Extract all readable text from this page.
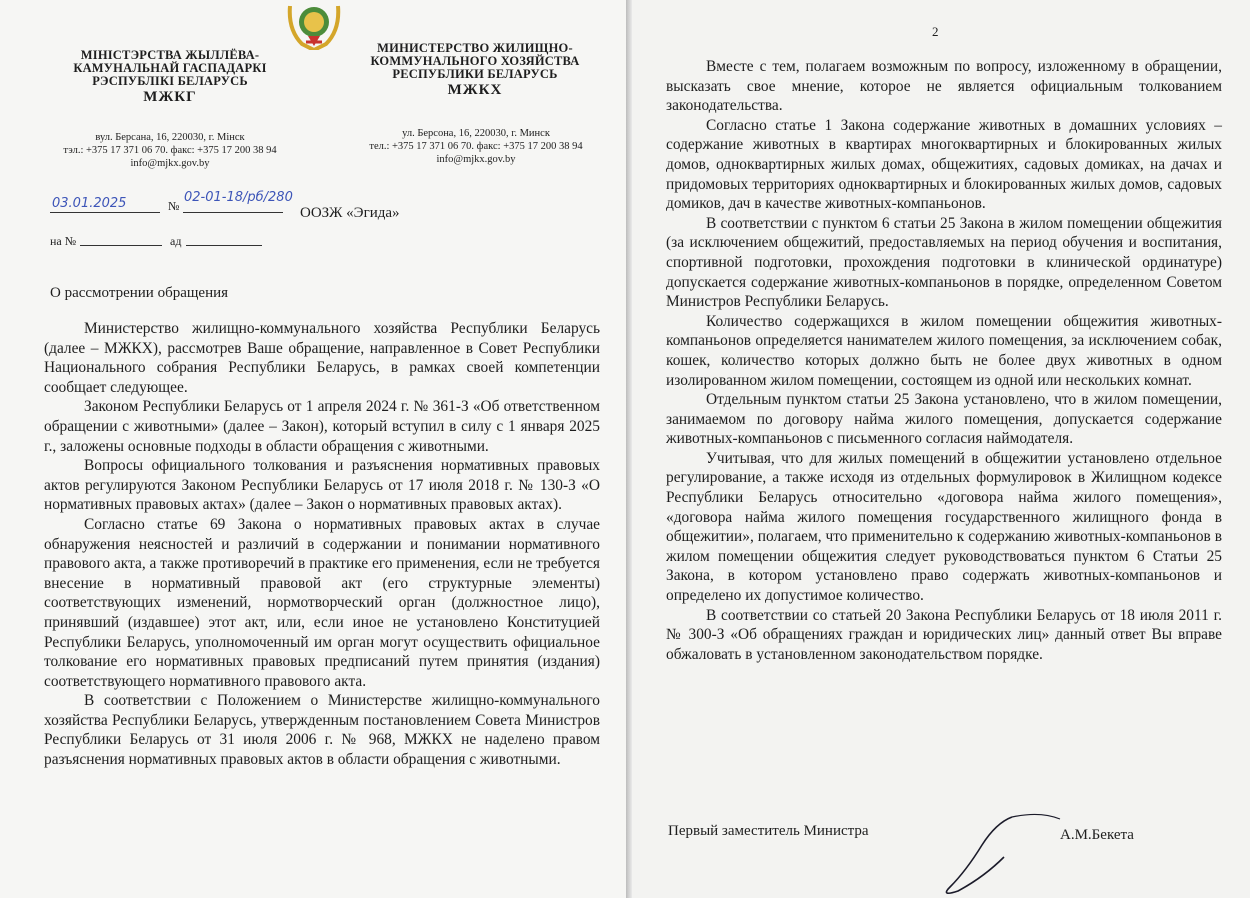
МІНІСТЭРСТВА ЖЫЛЛЁВА-КАМУНАЛЬНАЙ ГАСПАДАРКІ РЭСПУБЛІКІ БЕЛАРУСЬ
МЖКГ
вул. Берсана, 16, 220030, г. Мінск
тэл.: +375 17 371 06 70. факс: +375 17 200 38 94
info@mjkx.gov.by
МИНИСТЕРСТВО ЖИЛИЩНО-КОММУНАЛЬНОГО ХОЗЯЙСТВА РЕСПУБЛИКИ БЕЛАРУСЬ
МЖКХ
ул. Берсона, 16, 220030, г. Минск
тел.: +375 17 371 06 70. факс: +375 17 200 38 94
info@mjkx.gov.by
03.01.2025	№
02-01-18/рб/280
ООЗЖ «Эгида»
на №	ад
О рассмотрении обращения

Министерство жилищно-коммунального хозяйства Республики Беларусь (далее – МЖКХ), рассмотрев Ваше обращение, направленное в Совет Республики Национального собрания Республики Беларусь, в рамках своей компетенции сообщает следующее.

Законом Республики Беларусь от 1 апреля 2024 г. № 361-З «Об ответственном обращении с животными» (далее – Закон), который вступил в силу с 1 января 2025 г., заложены основные подходы в области обращения с животными.

Вопросы официального толкования и разъяснения нормативных правовых актов регулируются Законом Республики Беларусь от 17 июля 2018 г. № 130-З «О нормативных правовых актах» (далее – Закон о нормативных правовых актах).

Согласно статье 69 Закона о нормативных правовых актах в случае обнаружения неясностей и различий в содержании и понимании нормативного правового акта, а также противоречий в практике его применения, если не требуется внесение в нормативный правовой акт (его структурные элементы) соответствующих изменений, нормотворческий орган (должностное лицо), принявший (издавшее) этот акт, или, если иное не установлено Конституцией Республики Беларусь, уполномоченный им орган могут осуществить официальное толкование его нормативных правовых предписаний путем принятия (издания) соответствующего нормативного правового акта.

В соответствии с Положением о Министерстве жилищно-коммунального хозяйства Республики Беларусь, утвержденным постановлением Совета Министров Республики Беларусь от 31 июля 2006 г. № 968, МЖКХ не наделено правом разъяснения нормативных правовых актов в области обращения с животными.

2

Вместе с тем, полагаем возможным по вопросу, изложенному в обращении, высказать свое мнение, которое не является официальным толкованием законодательства.

Согласно статье 1 Закона содержание животных в домашних условиях – содержание животных в квартирах многоквартирных и блокированных жилых домов, одноквартирных жилых домах, общежитиях, садовых домиках, на дачах и придомовых территориях одноквартирных и блокированных жилых домов, садовых домиков, дач в качестве животных-компаньонов.

В соответствии с пунктом 6 статьи 25 Закона в жилом помещении общежития (за исключением общежитий, предоставляемых на период обучения и воспитания, спортивной подготовки, прохождения подготовки в клинической ординатуре) допускается содержание животных-компаньонов в порядке, определенном Советом Министров Республики Беларусь.

Количество содержащихся в жилом помещении общежития животных-компаньонов определяется нанимателем жилого помещения, за исключением собак, кошек, количество которых должно быть не более двух животных в одном изолированном жилом помещении, состоящем из одной или нескольких комнат.

Отдельным пунктом статьи 25 Закона установлено, что в жилом помещении, занимаемом по договору найма жилого помещения, допускается содержание животных-компаньонов с письменного согласия наймодателя.

Учитывая, что для жилых помещений в общежитии установлено отдельное регулирование, а также исходя из отдельных формулировок в Жилищном кодексе Республики Беларусь относительно «договора найма жилого помещения», «договора найма жилого помещения государственного жилищного фонда в общежитии», полагаем, что применительно к содержанию животных-компаньонов в жилом помещении общежития следует руководствоваться пунктом 6 Статьи 25 Закона, в котором установлено право содержать животных-компаньонов и определено их допустимое количество.

В соответствии со статьей 20 Закона Республики Беларусь от 18 июля 2011 г. № 300-З «Об обращениях граждан и юридических лиц» данный ответ Вы вправе обжаловать в установленном законодательством порядке.

Первый заместитель Министра	А.М.Бекета
